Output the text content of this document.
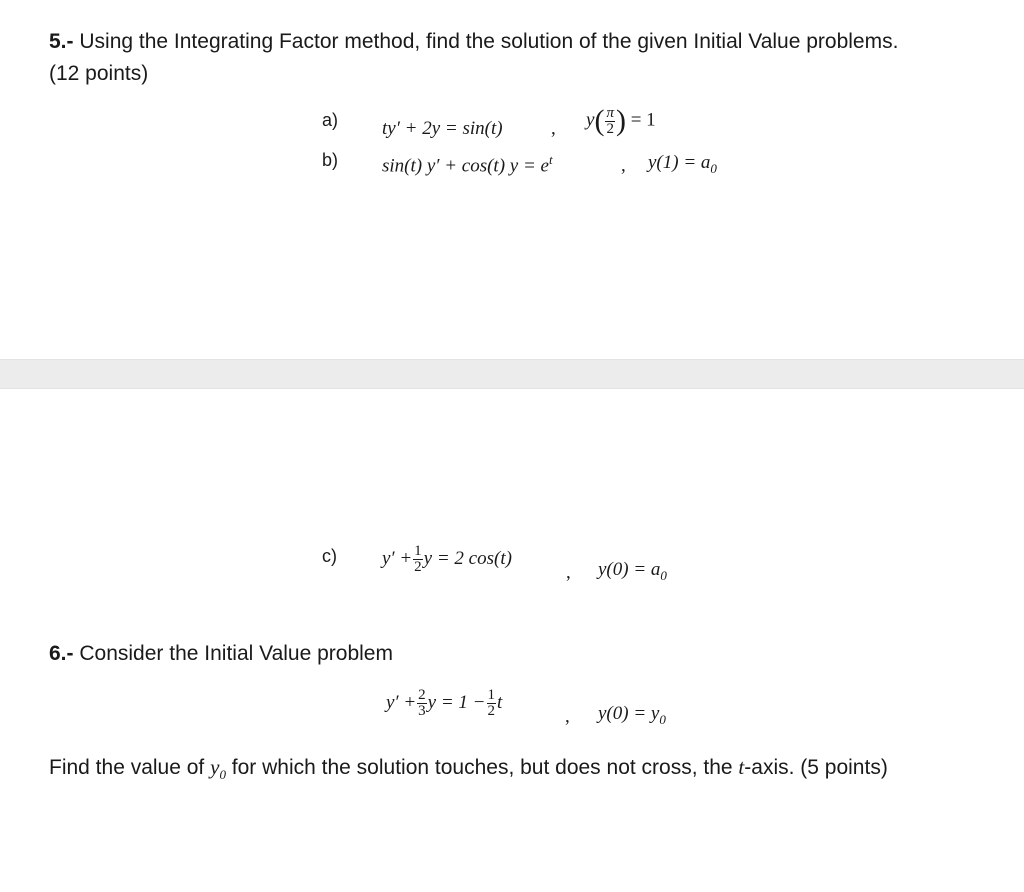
5.- Using the Integrating Factor method, find the solution of the given Initial Value problems.
(12 points)
a) ty′ + 2y = sin(t)	, $y( \frac{\pi}{2}$ ) = 1
b) sin(t) y′ + cos(t) $y = e^t$	, $y(1) = a_0$
c) $y' + \frac{1}{2}$ y = 2 cos(t)
, $y(0) = a_0$
6.- Consider the Initial Value problem
$y' + \frac{2}{3}$ $y = 1 - \frac{1}{2}$ t
, $y(0) = y_0$
Find the value of $y_0$ for which the solution touches, but does not cross, the t-axis. (5 points)
